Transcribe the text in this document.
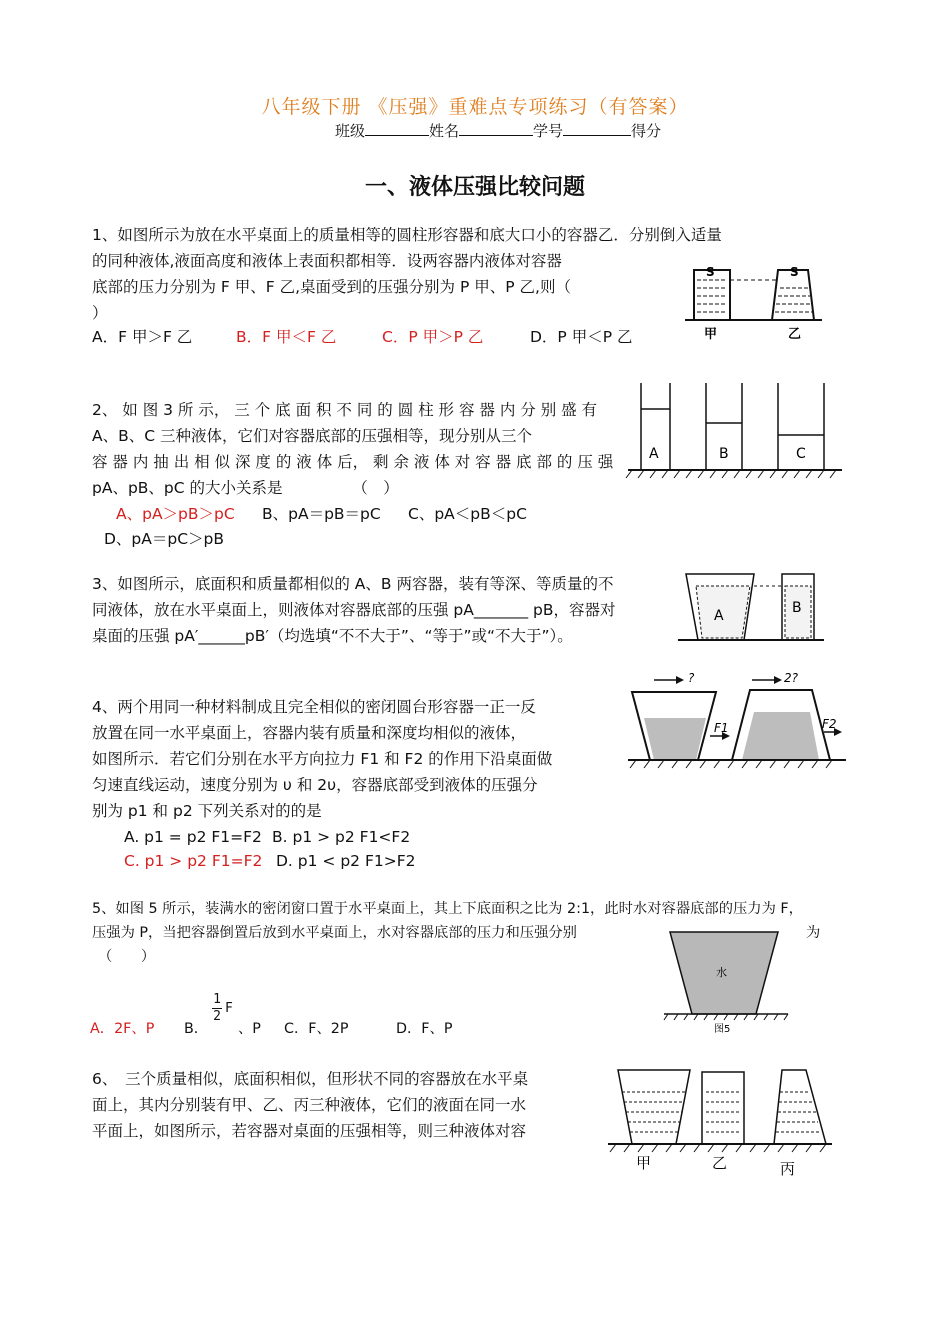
八年级下册 《压强》重难点专项练习（有答案）
班级	姓名	学号	得分
一、液体压强比较问题
1、如图所示为放在水平桌面上的质量相等的圆柱形容器和底大口小的容器乙．分别倒入适量
的同种液体,液面高度和液体上表面积都相等．设两容器内液体对容器
底部的压力分别为 F 甲、F 乙,桌面受到的压强分别为 P 甲、P 乙,则（
）
A．F 甲＞F 乙	B．F 甲＜F 乙	C．P 甲＞P 乙	D．P 甲＜P 乙
S	S
甲	乙
2、 如 图 3 所 示， 三 个 底 面 积 不 同 的 圆 柱 形 容 器 内 分 别 盛 有
A、B、C 三种液体，它们对容器底部的压强相等，现分别从三个
容 器 内 抽 出 相 似 深 度 的 液 体 后， 剩 余 液 体 对 容 器 底 部 的 压 强
pA、pB、pC 的大小关系是　　　　　（　）
A、pA＞pB＞pC B、pA＝pB＝pC C、pA＜pB＜pC
D、pA＝pC＞pB
A	B	C
3、如图所示，底面积和质量都相似的 A、B 两容器，装有等深、等质量的不
同液体，放在水平桌面上，则液体对容器底部的压强 pA_______ pB，容器对
桌面的压强 pA′______pB′（均选填“不不大于”、“等于”或“不大于”）。
A	B
4、两个用同一种材料制成且完全相似的密闭圆台形容器一正一反
放置在同一水平桌面上，容器内装有质量和深度均相似的液体，
如图所示．若它们分别在水平方向拉力 F1 和 F2 的作用下沿桌面做
匀速直线运动，速度分别为 υ 和 2υ，容器底部受到液体的压强分
别为 p1 和 p2 下列关系对的的是
A. p1 = p2 F1=F2 B. p1 > p2 F1<F2
C. p1 > p2 F1=F2 D. p1 < p2 F1>F2
?	2?
F1	F2
5、如图 5 所示，装满水的密闭窗口置于水平桌面上，其上下底面积之比为 2:1，此时水对容器底部的压力为 F，
压强为 P，当把容器倒置后放到水平桌面上，水对容器底部的压力和压强分别	为
（　　）
A．2F、P B．
1
2
F
、P C．F、2P	D．F、P
水
图5
6、　三个质量相似，底面积相似，但形状不同的容器放在水平桌
面上，其内分别装有甲、乙、丙三种液体，它们的液面在同一水
平面上，如图所示，若容器对桌面的压强相等，则三种液体对容
甲	乙	丙
